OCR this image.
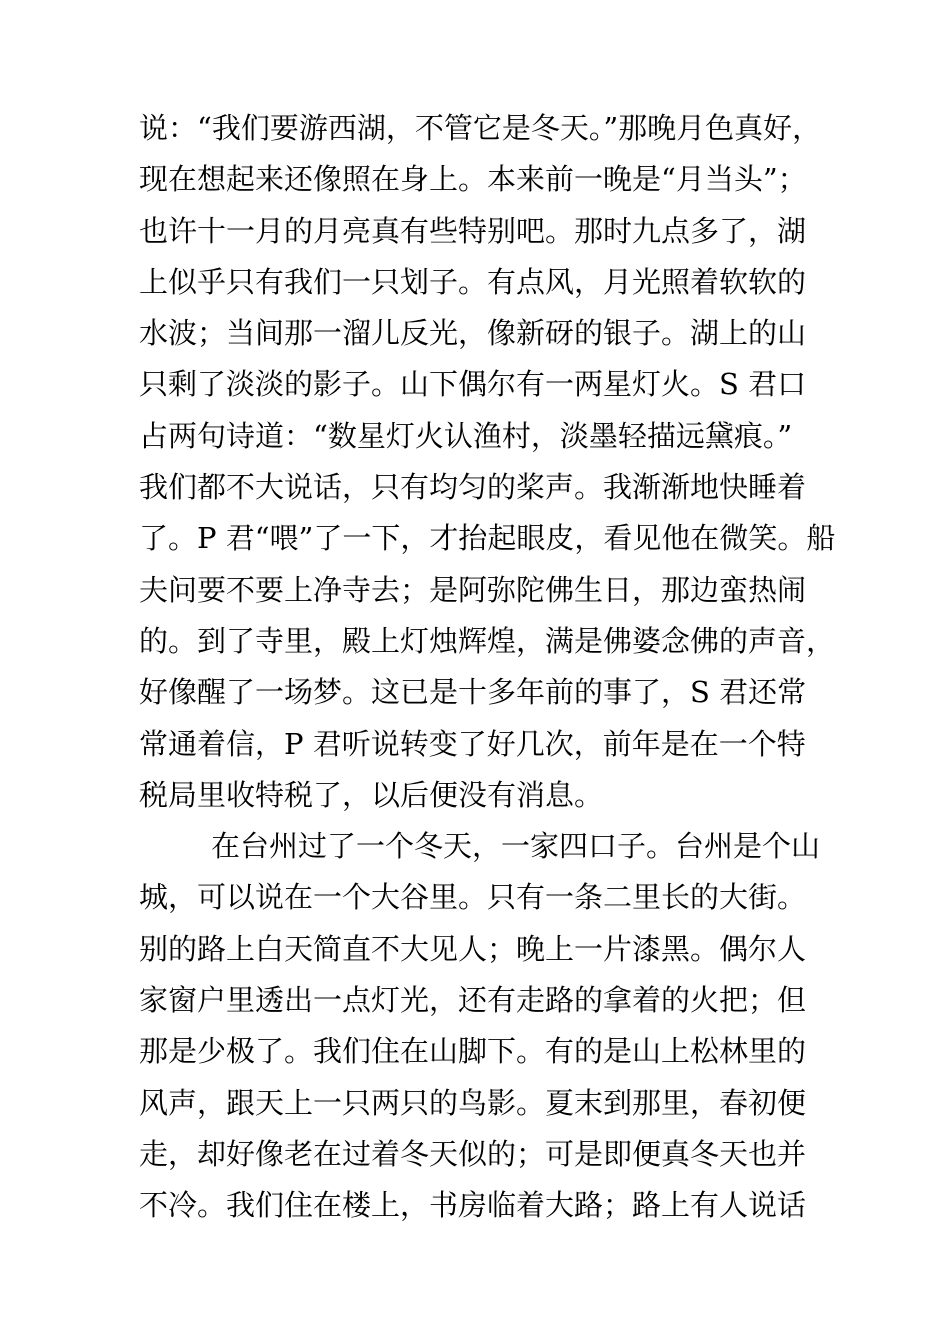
说：“我们要游西湖，不管它是冬天。”那晚月色真好，
现在想起来还像照在身上。本来前一晚是“月当头”；
也许十一月的月亮真有些特别吧。那时九点多了，湖
上似乎只有我们一只划子。有点风，月光照着软软的
水波；当间那一溜儿反光，像新砑的银子。湖上的山
只剩了淡淡的影子。山下偶尔有一两星灯火。S 君口
占两句诗道：“数星灯火认渔村，淡墨轻描远黛痕。”
我们都不大说话，只有均匀的桨声。我渐渐地快睡着
了。P 君“喂”了一下，才抬起眼皮，看见他在微笑。船
夫问要不要上净寺去；是阿弥陀佛生日，那边蛮热闹
的。到了寺里，殿上灯烛辉煌，满是佛婆念佛的声音，
好像醒了一场梦。这已是十多年前的事了，S 君还常
常通着信，P 君听说转变了好几次，前年是在一个特
税局里收特税了，以后便没有消息。
在台州过了一个冬天，一家四口子。台州是个山
城，可以说在一个大谷里。只有一条二里长的大街。
别的路上白天简直不大见人；晚上一片漆黑。偶尔人
家窗户里透出一点灯光，还有走路的拿着的火把；但
那是少极了。我们住在山脚下。有的是山上松林里的
风声，跟天上一只两只的鸟影。夏末到那里，春初便
走，却好像老在过着冬天似的；可是即便真冬天也并
不冷。我们住在楼上，书房临着大路；路上有人说话
